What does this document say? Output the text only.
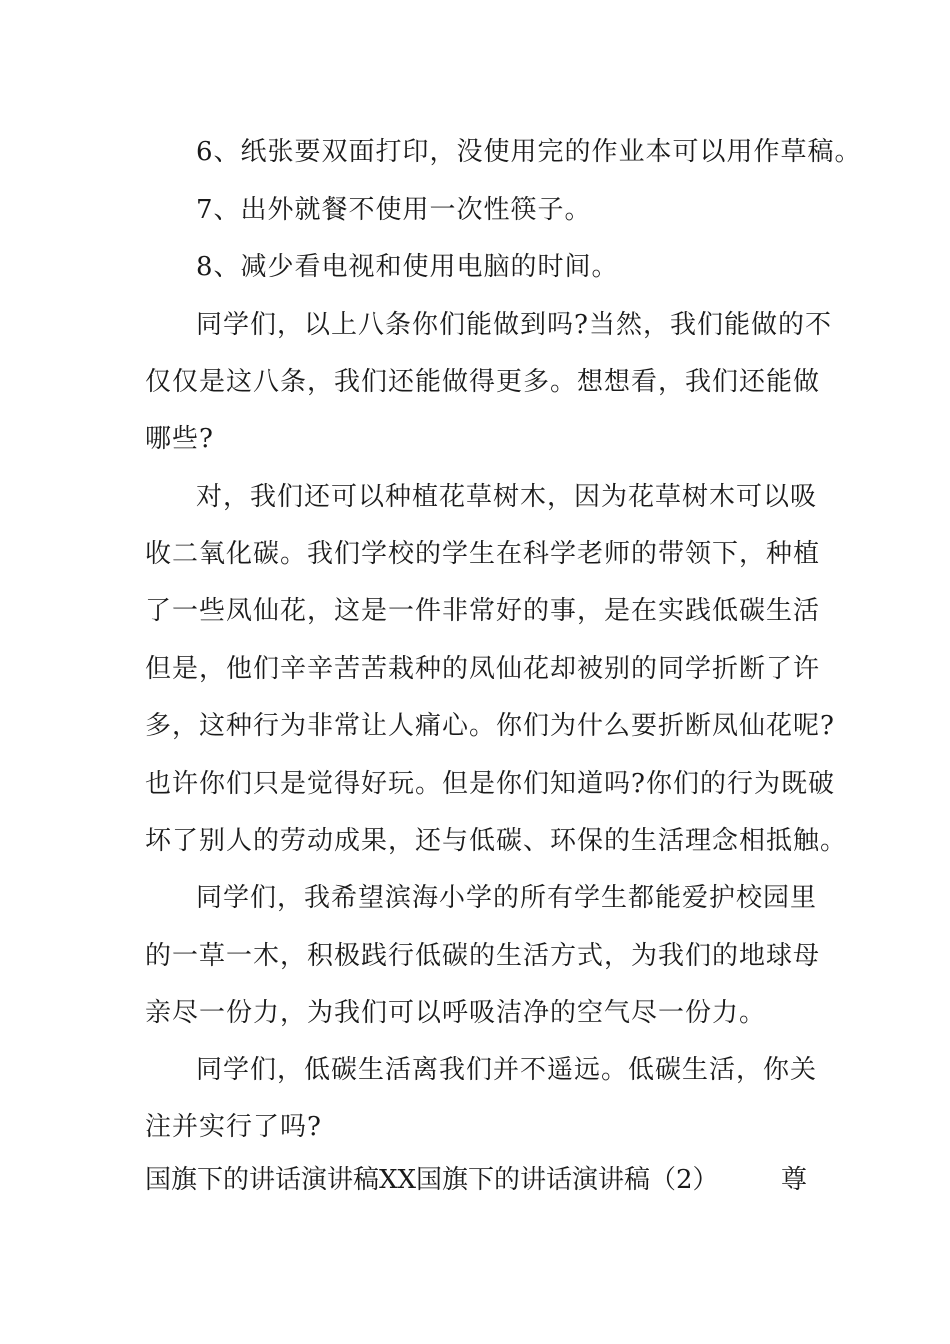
6、纸张要双面打印，没使用完的作业本可以用作草稿。
7、出外就餐不使用一次性筷子。
8、减少看电视和使用电脑的时间。
同学们，以上八条你们能做到吗?当然，我们能做的不
仅仅是这八条，我们还能做得更多。想想看，我们还能做
哪些?
对，我们还可以种植花草树木，因为花草树木可以吸
收二氧化碳。我们学校的学生在科学老师的带领下，种植
了一些凤仙花，这是一件非常好的事，是在实践低碳生活
但是，他们辛辛苦苦栽种的凤仙花却被别的同学折断了许
多，这种行为非常让人痛心。你们为什么要折断凤仙花呢?
也许你们只是觉得好玩。但是你们知道吗?你们的行为既破
坏了别人的劳动成果，还与低碳、环保的生活理念相抵触。
同学们，我希望滨海小学的所有学生都能爱护校园里
的一草一木，积极践行低碳的生活方式，为我们的地球母
亲尽一份力，为我们可以呼吸洁净的空气尽一份力。
同学们，低碳生活离我们并不遥远。低碳生活，你关
注并实行了吗?
国旗下的讲话演讲稿XX国旗下的讲话演讲稿（2） 尊
